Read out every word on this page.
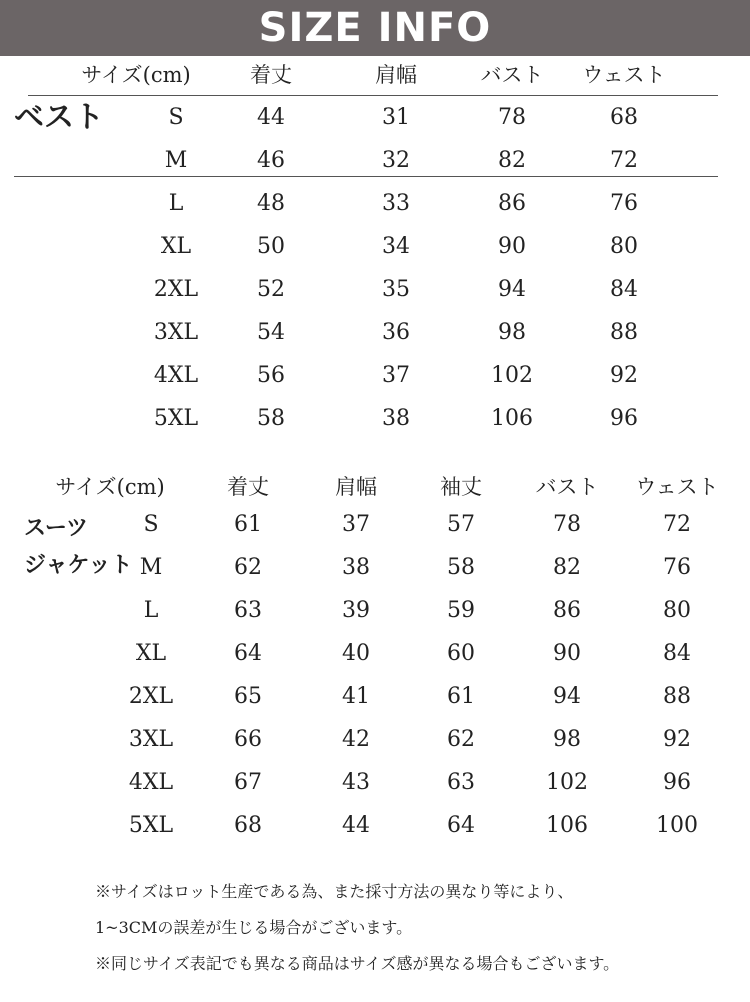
SIZE INFO
ベスト
サイズ(cm)	着丈	肩幅	バスト ウェスト
S	44	31	78	68
M	46	32	82	72
L	48	33	86	76
XL	50	34	90	80
2XL	52	35	94	84
3XL	54	36	98	88
4XL	56	37	102	92
5XL	58	38	106	96
スーツ
ジャケット
サイズ(cm)	着丈	肩幅	袖丈	バスト ウェスト
S	61	37	57	78	72
M	62	38	58	82	76
L	63	39	59	86	80
XL	64	40	60	90	84
2XL	65	41	61	94	88
3XL	66	42	62	98	92
4XL	67	43	63	102	96
5XL	68	44	64	106	100
※サイズはロット生産である為、また採寸方法の異なり等により、
1~3CMの誤差が生じる場合がございます。
※同じサイズ表記でも異なる商品はサイズ感が異なる場合もございます。
